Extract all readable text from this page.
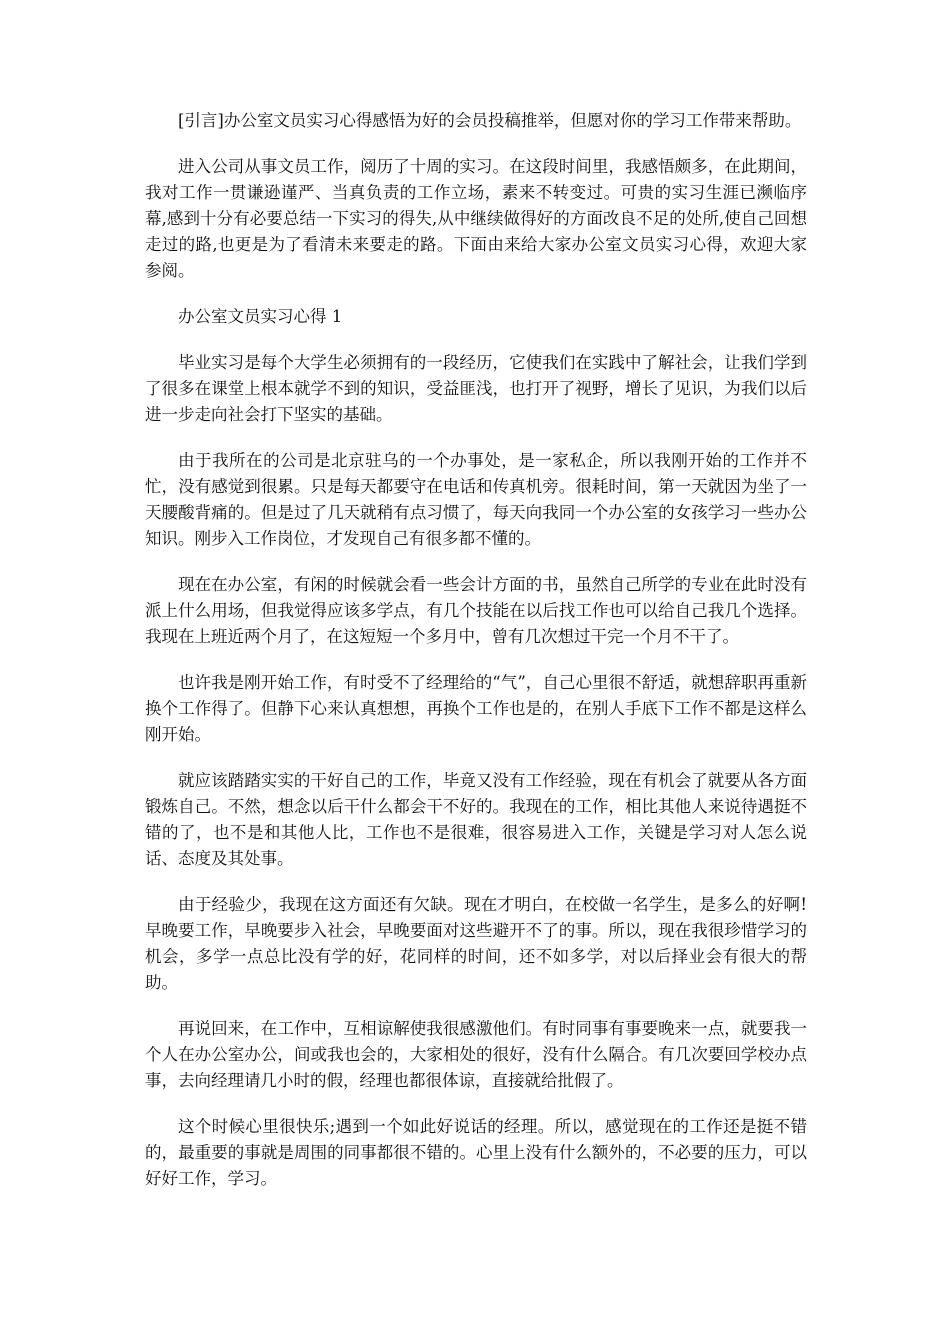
[引言]办公室文员实习心得感悟为好的会员投稿推举，但愿对你的学习工作带来帮助。

进入公司从事文员工作，阅历了十周的实习。在这段时间里，我感悟颇多，在此期间，我对工作一贯谦逊谨严、当真负责的工作立场，素来不转变过。可贵的实习生涯已濒临序幕,感到十分有必要总结一下实习的得失,从中继续做得好的方面改良不足的处所,使自己回想走过的路,也更是为了看清未来要走的路。下面由来给大家办公室文员实习心得，欢迎大家参阅。

办公室文员实习心得 1

毕业实习是每个大学生必须拥有的一段经历，它使我们在实践中了解社会，让我们学到了很多在课堂上根本就学不到的知识，受益匪浅，也打开了视野，增长了见识，为我们以后进一步走向社会打下坚实的基础。

由于我所在的公司是北京驻乌的一个办事处，是一家私企，所以我刚开始的工作并不忙，没有感觉到很累。只是每天都要守在电话和传真机旁。很耗时间，第一天就因为坐了一天腰酸背痛的。但是过了几天就稍有点习惯了，每天向我同一个办公室的女孩学习一些办公知识。刚步入工作岗位，才发现自己有很多都不懂的。

现在在办公室，有闲的时候就会看一些会计方面的书，虽然自己所学的专业在此时没有派上什么用场，但我觉得应该多学点，有几个技能在以后找工作也可以给自己我几个选择。我现在上班近两个月了，在这短短一个多月中，曾有几次想过干完一个月不干了。

也许我是刚开始工作，有时受不了经理给的“气”，自己心里很不舒适，就想辞职再重新换个工作得了。但静下心来认真想想，再换个工作也是的，在别人手底下工作不都是这样么刚开始。

就应该踏踏实实的干好自己的工作，毕竟又没有工作经验，现在有机会了就要从各方面锻炼自己。不然，想念以后干什么都会干不好的。我现在的工作，相比其他人来说待遇挺不错的了，也不是和其他人比，工作也不是很难，很容易进入工作，关键是学习对人怎么说话、态度及其处事。

由于经验少，我现在这方面还有欠缺。现在才明白，在校做一名学生，是多么的好啊!早晚要工作，早晚要步入社会，早晚要面对这些避开不了的事。所以，现在我很珍惜学习的机会，多学一点总比没有学的好，花同样的时间，还不如多学，对以后择业会有很大的帮助。

再说回来，在工作中，互相谅解使我很感激他们。有时同事有事要晚来一点，就要我一个人在办公室办公，间或我也会的，大家相处的很好，没有什么隔合。有几次要回学校办点事，去向经理请几小时的假，经理也都很体谅，直接就给批假了。

这个时候心里很快乐;遇到一个如此好说话的经理。所以，感觉现在的工作还是挺不错的，最重要的事就是周围的同事都很不错的。心里上没有什么额外的，不必要的压力，可以好好工作，学习。
